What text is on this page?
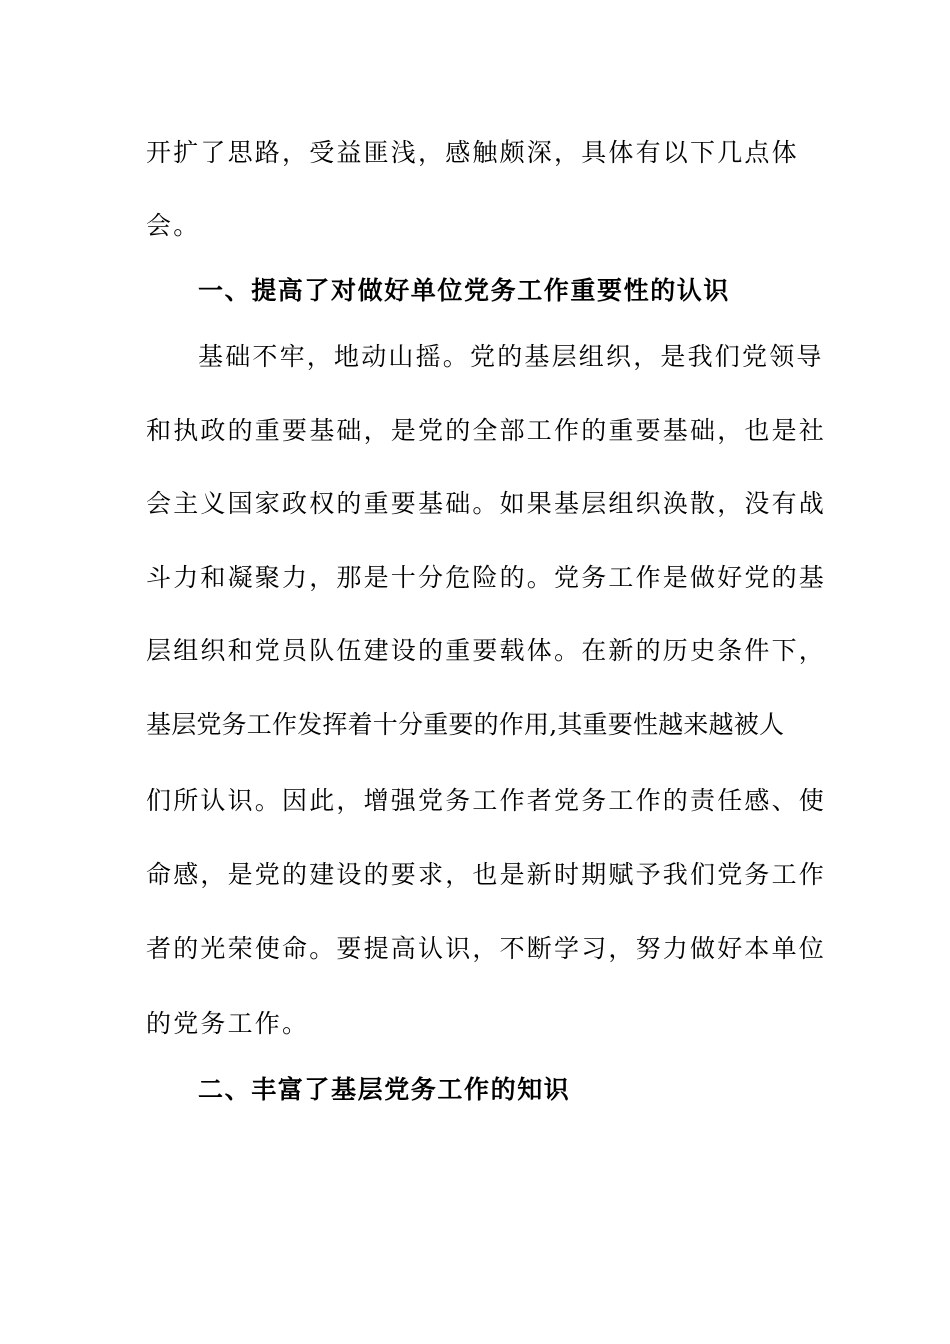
开扩了思路，受益匪浅，感触颇深，具体有以下几点体
会。
一、提高了对做好单位党务工作重要性的认识
基础不牢，地动山摇。党的基层组织，是我们党领导
和执政的重要基础，是党的全部工作的重要基础，也是社
会主义国家政权的重要基础。如果基层组织涣散，没有战
斗力和凝聚力，那是十分危险的。党务工作是做好党的基
层组织和党员队伍建设的重要载体。在新的历史条件下，
基层党务工作发挥着十分重要的作用,其重要性越来越被人
们所认识。因此，增强党务工作者党务工作的责任感、使
命感，是党的建设的要求，也是新时期赋予我们党务工作
者的光荣使命。要提高认识，不断学习，努力做好本单位
的党务工作。
二、丰富了基层党务工作的知识
